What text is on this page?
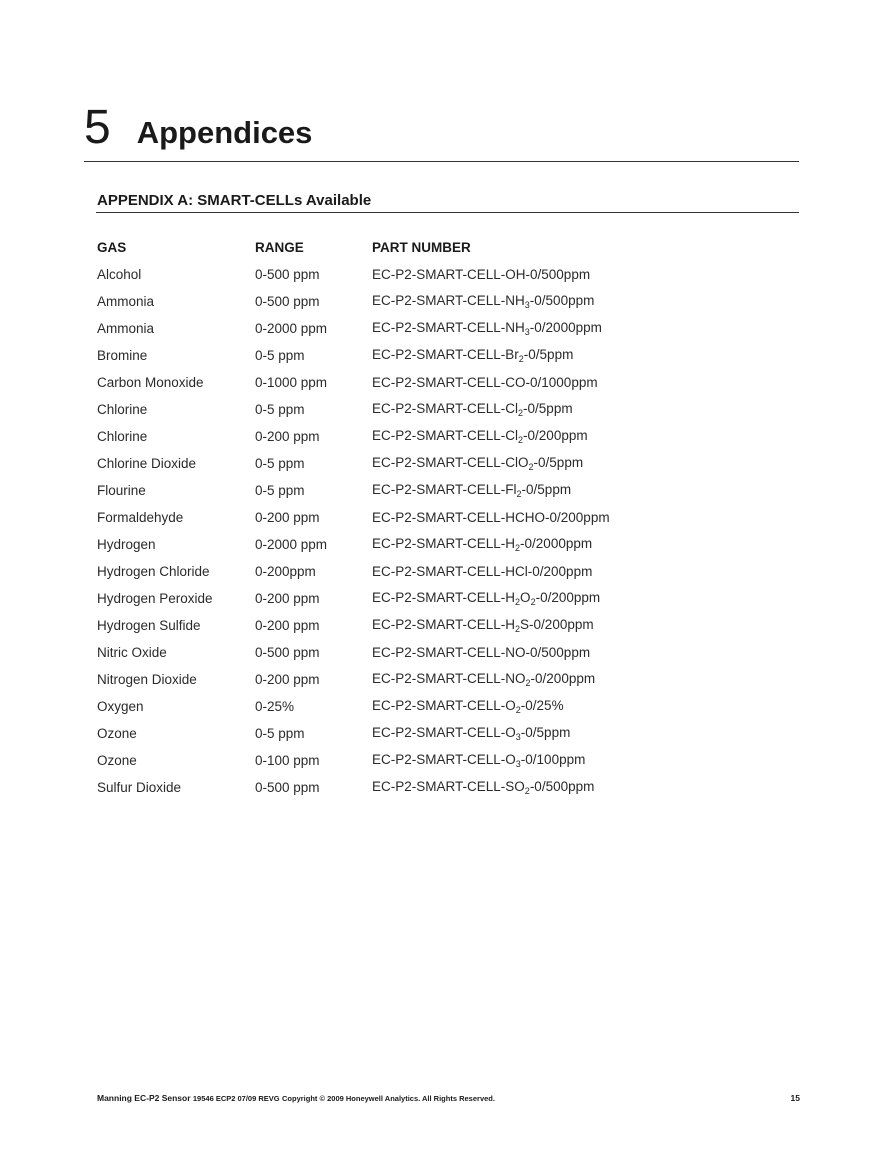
5 Appendices
APPENDIX A: SMART-CELLs Available
GAS	RANGE	PART NUMBER
Alcohol	0-500 ppm	EC-P2-SMART-CELL-OH-0/500ppm
Ammonia	0-500 ppm	$EC-P2-SMART-CELL-NH_3-0/500ppm$
Ammonia	0-2000 ppm	$EC-P2-SMART-CELL-NH_3-0/2000ppm$
Bromine	0-5 ppm	$EC-P2-SMART-CELL-Br_2-0/5ppm$
Carbon Monoxide	0-1000 ppm	EC-P2-SMART-CELL-CO-0/1000ppm
Chlorine	0-5 ppm	$EC-P2-SMART-CELL-Cl_2-0/5ppm$
Chlorine	0-200 ppm	$EC-P2-SMART-CELL-Cl_2-0/200ppm$
Chlorine Dioxide	0-5 ppm	EC-P2-SMART-CELL-ClO$_2$-0/5ppm
Flourine	0-5 ppm	$EC-P2-SMART-CELL-Fl_2-0/5ppm$
Formaldehyde	0-200 ppm	EC-P2-SMART-CELL-HCHO-0/200ppm
Hydrogen	0-2000 ppm	$EC-P2-SMART-CELL-H_2-0/2000ppm$
Hydrogen Chloride	0-200ppm	EC-P2-SMART-CELL-HCl-0/200ppm
Hydrogen Peroxide	0-200 ppm	$EC-P2-SMART-CELL-H_2O_2-0/200ppm$
Hydrogen Sulfide	0-200 ppm	$EC-P2-SMART-CELL-H_2S-0/200ppm$
Nitric Oxide	0-500 ppm	EC-P2-SMART-CELL-NO-0/500ppm
Nitrogen Dioxide	0-200 ppm	$EC-P2-SMART-CELL-NO_2-0/200ppm$
Oxygen	0-25%	$EC-P2-SMART-CELL-O_2-0/25\%$
Ozone	0-5 ppm	$EC-P2-SMART-CELL-O_3-0/5ppm$
Ozone	0-100 ppm	$EC-P2-SMART-CELL-O_3-0/100ppm$
Sulfur Dioxide	0-500 ppm	$EC-P2-SMART-CELL-SO_2-0/500ppm$
Manning EC-P2 Sensor 19546 ECP2 07/09 REVG Copyright © 2009 Honeywell Analytics. All Rights Reserved.	15
